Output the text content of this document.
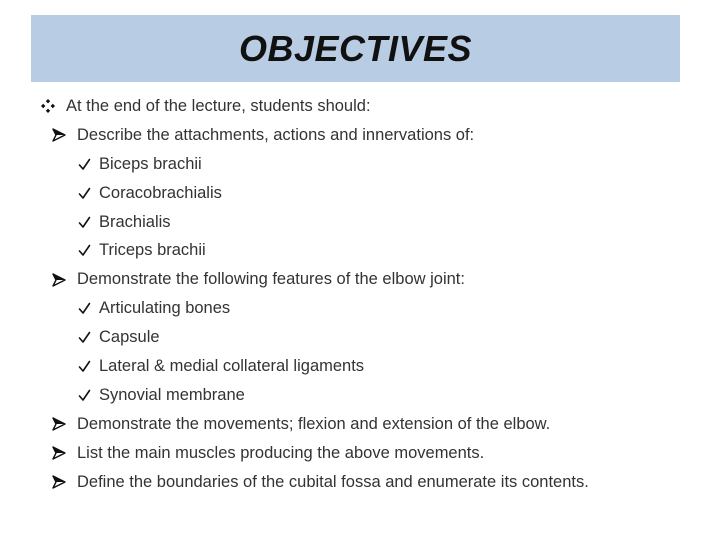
OBJECTIVES
At the end of the lecture, students should:
Describe the attachments, actions and innervations of:
Biceps brachii
Coracobrachialis
Brachialis
Triceps brachii
Demonstrate the following features of the elbow joint:
Articulating bones
Capsule
Lateral & medial collateral ligaments
Synovial membrane
Demonstrate the movements; flexion and extension of the elbow.
List the main muscles producing the above movements.
Define the boundaries of the cubital fossa and enumerate its contents.
